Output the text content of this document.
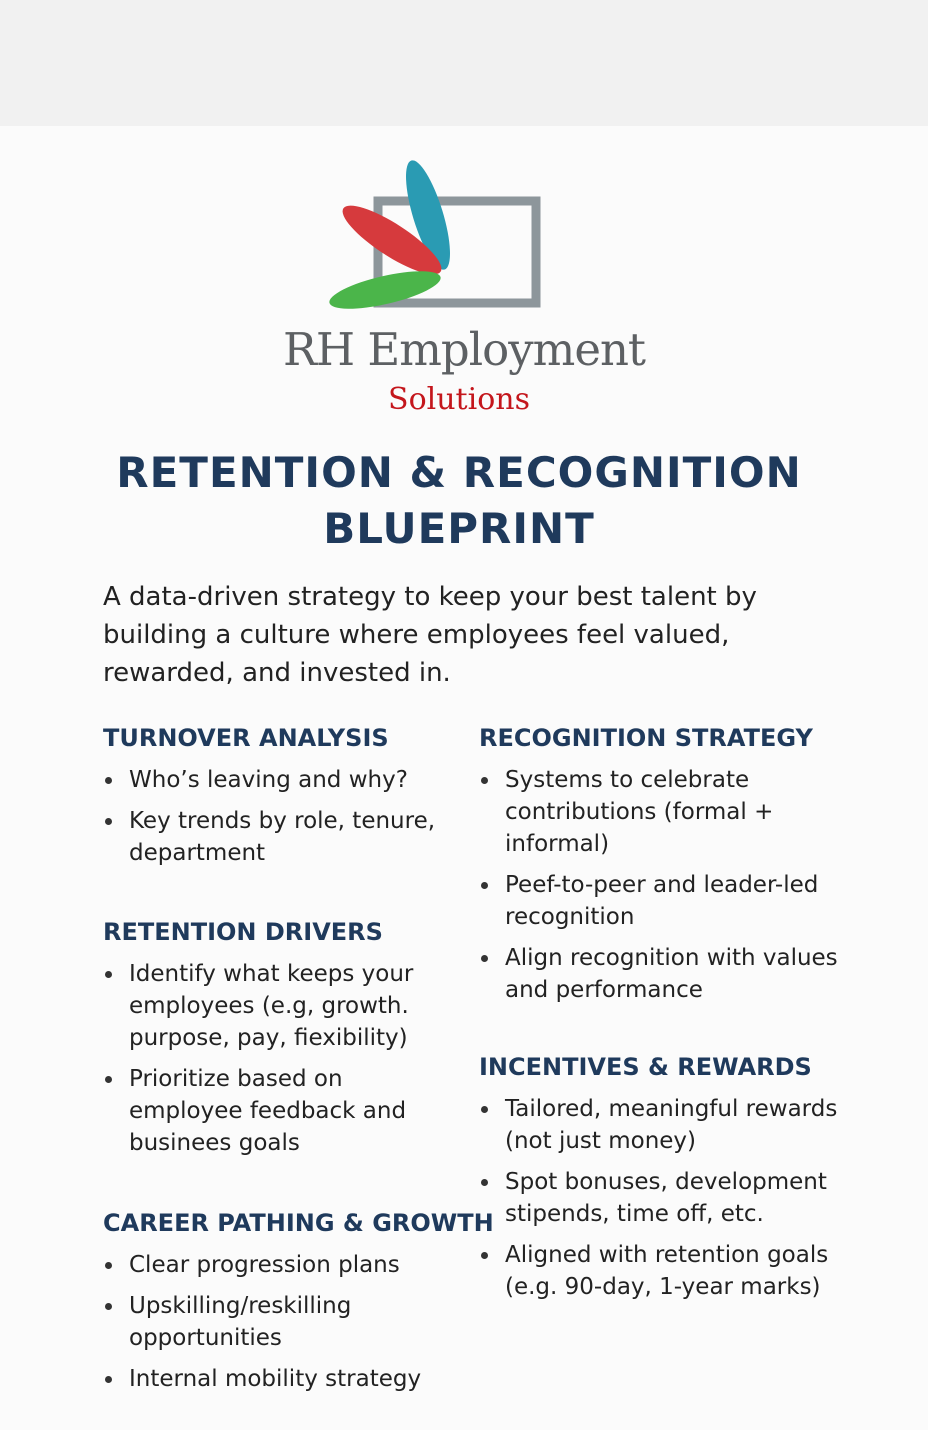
RH Employment
Solutions
RETENTION & RECOGNITION
BLUEPRINT

A data-driven strategy to keep your best talent by building a culture where employees feel valued, rewarded, and invested in.

TURNOVER ANALYSIS
Who’s leaving and why?
Key trends by role, tenure, department
RETENTION DRIVERS
Identify what keeps your employees (e.g, growth. purpose, pay, fiexibility)
Prioritize based on employee feedback and businees goals
CAREER PATHING & GROWTH
Clear progression plans
Upskilling/reskilling opportunities
Internal mobility strategy
RECOGNITION STRATEGY
Systems to celebrate contributions (formal + informal)
Peef-to-peer and leader-led recognition
Align recognition with values and performance
INCENTIVES & REWARDS
Tailored, meaningful rewards (not just money)
Spot bonuses, development stipends, time off, etc.
Aligned with retention goals (e.g. 90-day, 1-year marks)
